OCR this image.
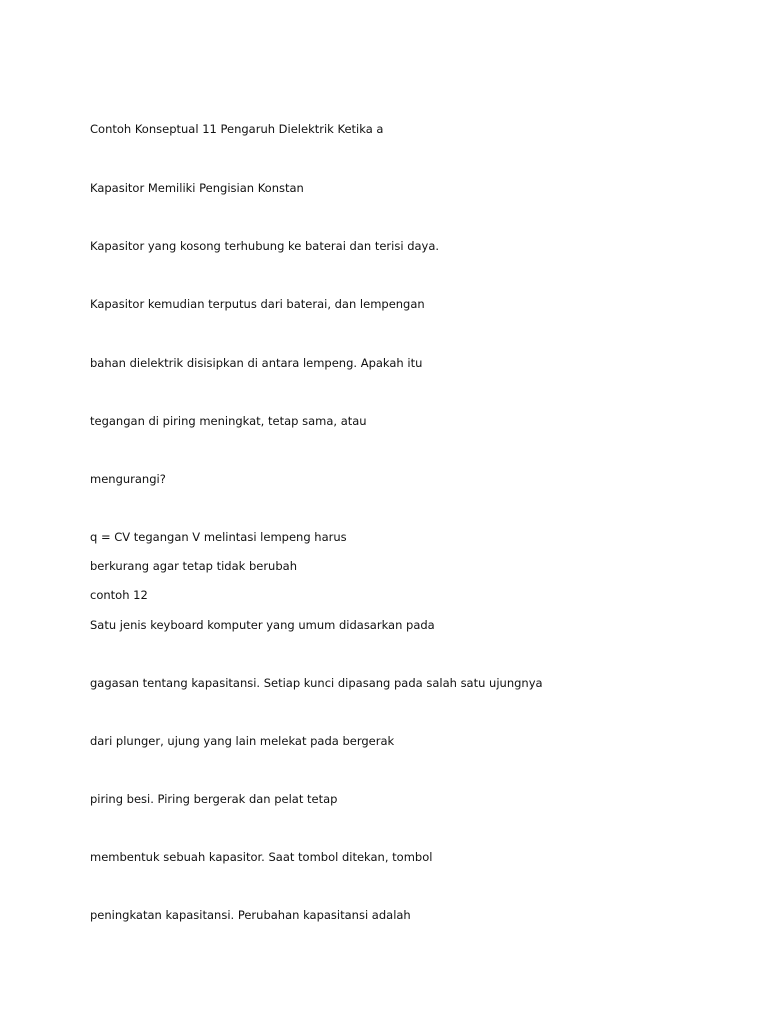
Contoh Konseptual 11 Pengaruh Dielektrik Ketika a

Kapasitor Memiliki Pengisian Konstan

Kapasitor yang kosong terhubung ke baterai dan terisi daya.

Kapasitor kemudian terputus dari baterai, dan lempengan

bahan dielektrik disisipkan di antara lempeng. Apakah itu

tegangan di piring meningkat, tetap sama, atau

mengurangi?

q = CV tegangan V melintasi lempeng harus

berkurang agar tetap tidak berubah

contoh 12

Satu jenis keyboard komputer yang umum didasarkan pada

gagasan tentang kapasitansi. Setiap kunci dipasang pada salah satu ujungnya

dari plunger, ujung yang lain melekat pada bergerak

piring besi. Piring bergerak dan pelat tetap

membentuk sebuah kapasitor. Saat tombol ditekan, tombol

peningkatan kapasitansi. Perubahan kapasitansi adalah
